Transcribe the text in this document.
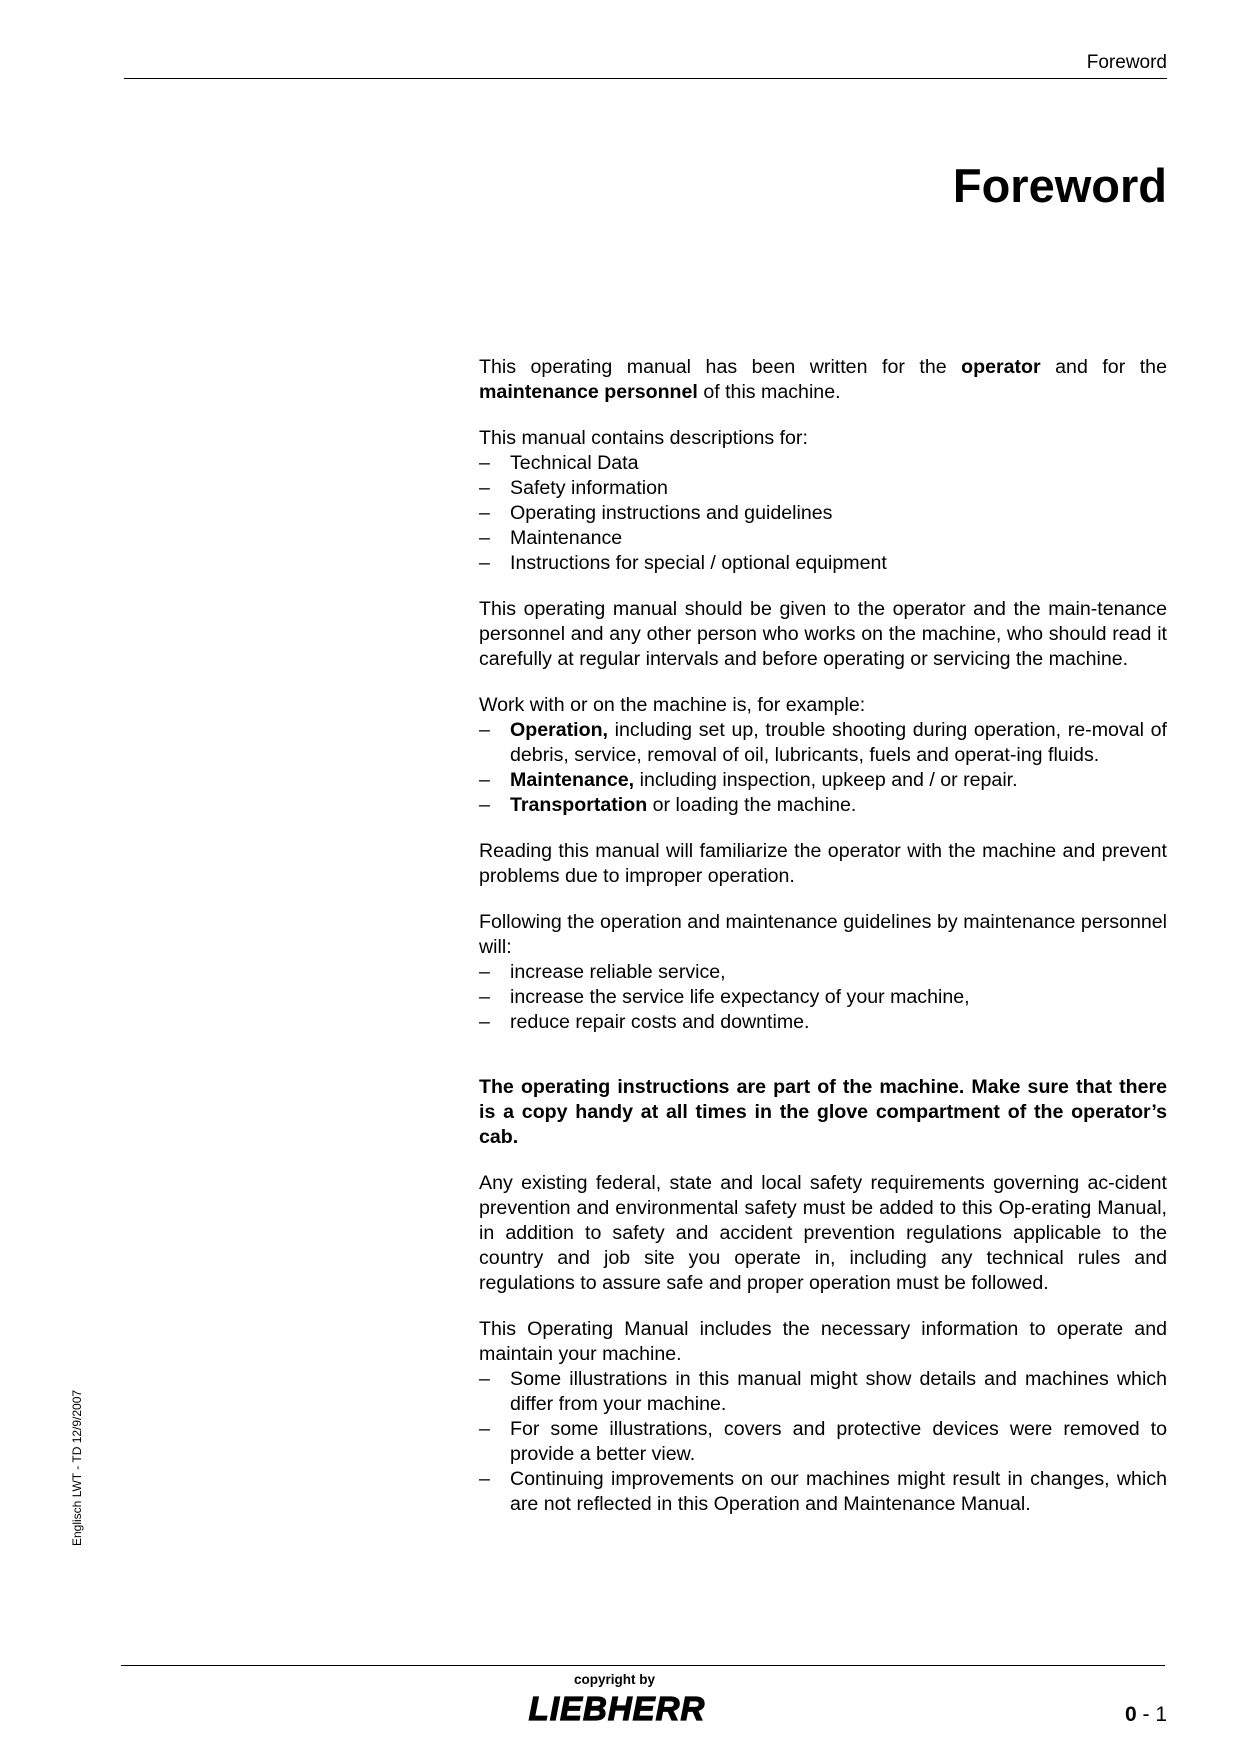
Foreword
Foreword

This operating manual has been written for the operator and for the maintenance personnel of this machine.

This manual contains descriptions for:

– Technical Data
– Safety information
– Operating instructions and guidelines
– Maintenance
– Instructions for special / optional equipment

This operating manual should be given to the operator and the main-tenance personnel and any other person who works on the machine, who should read it carefully at regular intervals and before operating or servicing the machine.

Work with or on the machine is, for example:

– Operation, including set up, trouble shooting during operation, re-moval of debris, service, removal of oil, lubricants, fuels and operat-ing fluids.
– Maintenance, including inspection, upkeep and / or repair.
– Transportation or loading the machine.

Reading this manual will familiarize the operator with the machine and prevent problems due to improper operation.

Following the operation and maintenance guidelines by maintenance personnel will:

– increase reliable service,
– increase the service life expectancy of your machine,
– reduce repair costs and downtime.

The operating instructions are part of the machine. Make sure that there is a copy handy at all times in the glove compartment of the operator’s cab.

Any existing federal, state and local safety requirements governing ac-cident prevention and environmental safety must be added to this Op-erating Manual, in addition to safety and accident prevention regulations applicable to the country and job site you operate in, including any technical rules and regulations to assure safe and proper operation must be followed.

This Operating Manual includes the necessary information to operate and maintain your machine.

– Some illustrations in this manual might show details and machines which differ from your machine.
– For some illustrations, covers and protective devices were removed to provide a better view.
– Continuing improvements on our machines might result in changes, which are not reflected in this Operation and Maintenance Manual.
Englisch LWT - TD 12/9/2007
copyright by
LIEBHERR	0 - 1
